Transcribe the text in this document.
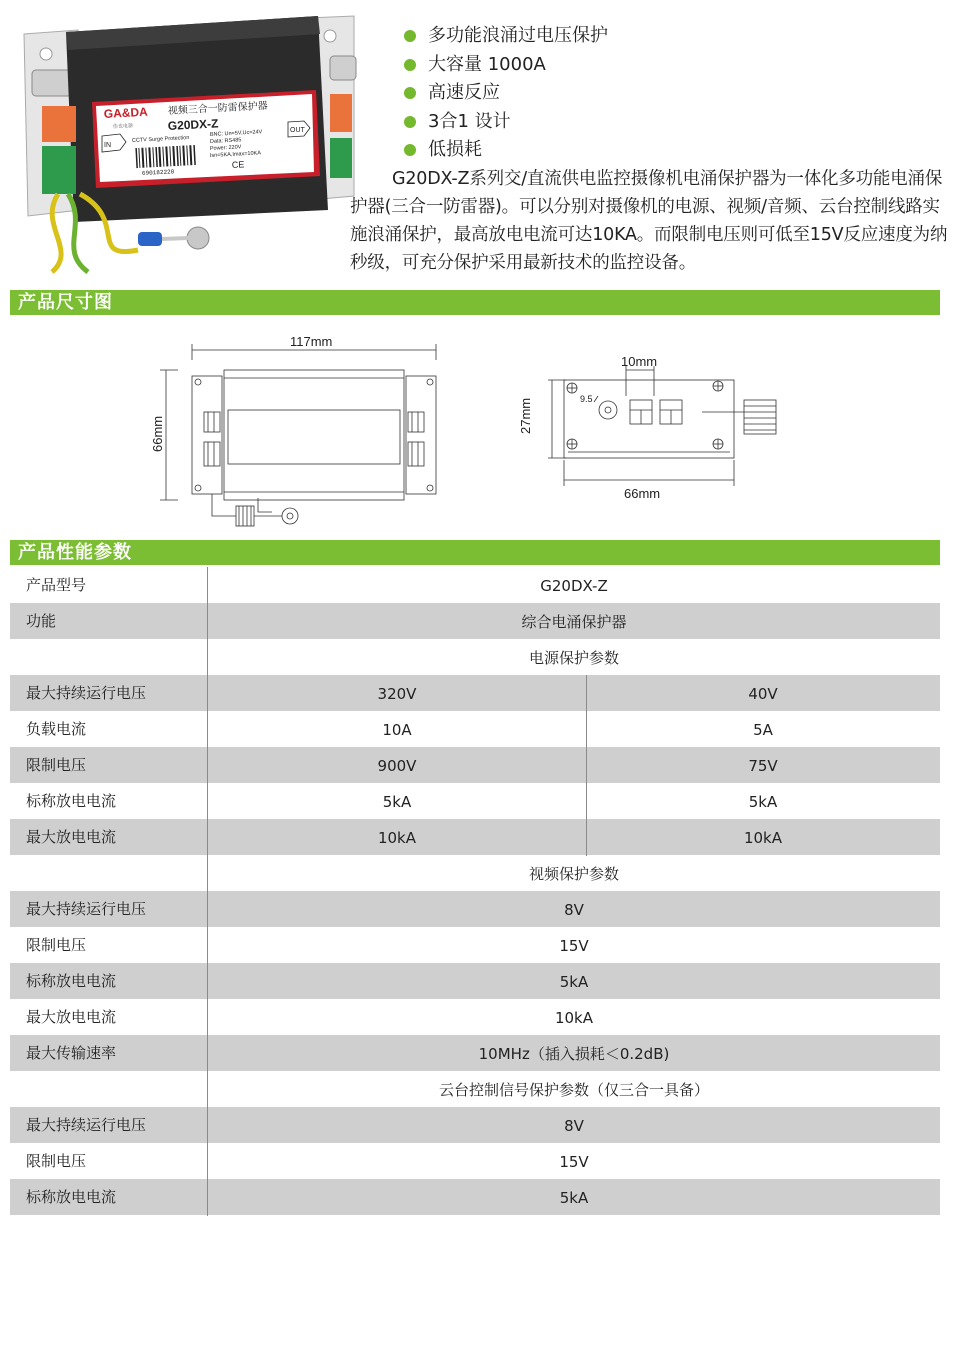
GA&DA
佳也电器
视频三合一防雷保护器
G20DX-Z
IN
OUT
CCTV Surge Protection
BNC: Un=5V,Uc=24V
Data: RS485
Power: 220V
Isn=5KA,Imax=10KA
690182220
CE
多功能浪涌过电压保护
大容量 1000A
高速反应
3合1 设计
低损耗
G20DX-Z系列交/直流供电监控摄像机电涌保护器为一体化多功能电涌保护器(三合一防雷器)。可以分别对摄像机的电源、视频/音频、云台控制线路实施浪涌保护，最高放电电流可达10KA。而限制电压则可低至15V反应速度为纳秒级，可充分保护采用最新技术的监控设备。
产品尺寸图
117mm
66mm
10mm
27mm	9.5
66mm
产品性能参数
产品型号	G20DX-Z
功能	综合电涌保护器
电源保护参数
最大持续运行电压	320V	40V
负载电流	10A	5A
限制电压	900V	75V
标称放电电流	5kA	5kA
最大放电电流	10kA	10kA
视频保护参数
最大持续运行电压	8V
限制电压	15V
标称放电电流	5kA
最大放电电流	10kA
最大传输速率	10MHz（插入损耗＜0.2dB)
云台控制信号保护参数（仅三合一具备）
最大持续运行电压	8V
限制电压	15V
标称放电电流	5kA
